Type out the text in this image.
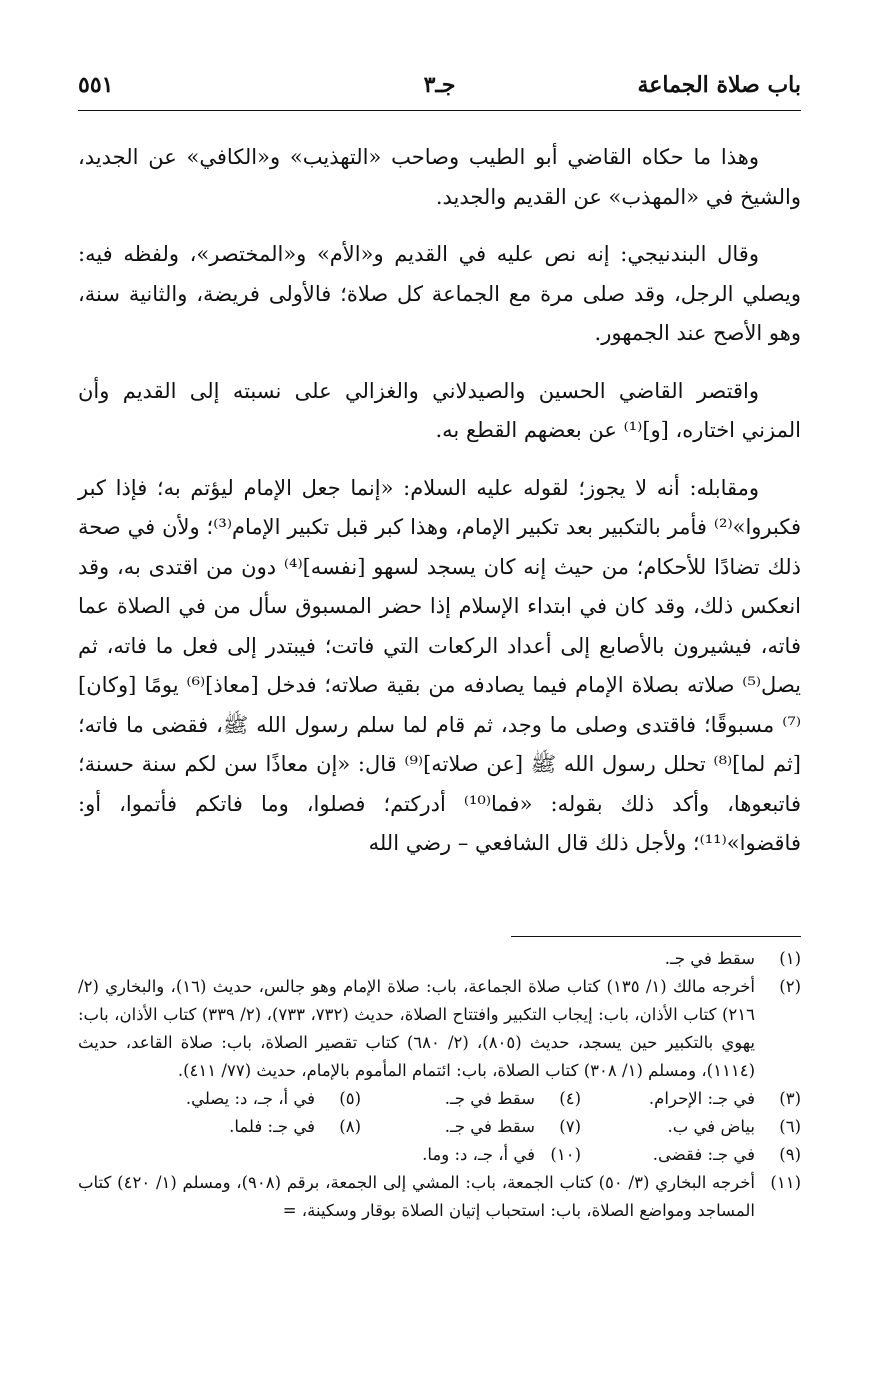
باب صلاة الجماعة
جـ٣
٥٥١

وهذا ما حكاه القاضي أبو الطيب وصاحب «التهذيب» و«الكافي» عن الجديد، والشيخ في «المهذب» عن القديم والجديد.

وقال البندنيجي: إنه نص عليه في القديم و«الأم» و«المختصر»، ولفظه فيه: ويصلي الرجل، وقد صلى مرة مع الجماعة كل صلاة؛ فالأولى فريضة، والثانية سنة، وهو الأصح عند الجمهور.

واقتصر القاضي الحسين والصيدلاني والغزالي على نسبته إلى القديم وأن المزني اختاره، [و]⁽¹⁾ عن بعضهم القطع به.

ومقابله: أنه لا يجوز؛ لقوله عليه السلام: «إنما جعل الإمام ليؤتم به؛ فإذا كبر فكبروا»⁽²⁾ فأمر بالتكبير بعد تكبير الإمام، وهذا كبر قبل تكبير الإمام⁽³⁾؛ ولأن في صحة ذلك تضادًا للأحكام؛ من حيث إنه كان يسجد لسهو [نفسه]⁽⁴⁾ دون من اقتدى به، وقد انعكس ذلك، وقد كان في ابتداء الإسلام إذا حضر المسبوق سأل من في الصلاة عما فاته، فيشيرون بالأصابع إلى أعداد الركعات التي فاتت؛ فيبتدر إلى فعل ما فاته، ثم يصل⁽⁵⁾ صلاته بصلاة الإمام فيما يصادفه من بقية صلاته؛ فدخل [معاذ]⁽⁶⁾ يومًا [وكان]⁽⁷⁾ مسبوقًا؛ فاقتدى وصلى ما وجد، ثم قام لما سلم رسول الله ﷺ، فقضى ما فاته؛ [ثم لما]⁽⁸⁾ تحلل رسول الله ﷺ [عن صلاته]⁽⁹⁾ قال: «إن معاذًا سن لكم سنة حسنة؛ فاتبعوها، وأكد ذلك بقوله: «فما⁽¹⁰⁾ أدركتم؛ فصلوا، وما فاتكم فأتموا، أو: فاقضوا»⁽¹¹⁾؛ ولأجل ذلك قال الشافعي – رضي الله

(١)
سقط في جـ.
(٢)
أخرجه مالك (١/ ١٣٥) كتاب صلاة الجماعة، باب: صلاة الإمام وهو جالس، حديث (١٦)، والبخاري (٢/ ٢١٦) كتاب الأذان، باب: إيجاب التكبير وافتتاح الصلاة، حديث (٧٣٢، ٧٣٣)، (٢/ ٣٣٩) كتاب الأذان، باب: يهوي بالتكبير حين يسجد، حديث (٨٠٥)، (٢/ ٦٨٠) كتاب تقصير الصلاة، باب: صلاة القاعد، حديث (١١١٤)، ومسلم (١/ ٣٠٨) كتاب الصلاة، باب: ائتمام المأموم بالإمام، حديث (٧٧/ ٤١١).
(٣)
في جـ: الإحرام.
(٤)
سقط في جـ.
(٥)
في أ، جـ، د: يصلي.
(٦)
بياض في ب.
(٧)
سقط في جـ.
(٨)
في جـ: فلما.
(٩)
في جـ: فقضى.
(١٠)
في أ، جـ، د: وما.
(١١)
أخرجه البخاري (٣/ ٥٠) كتاب الجمعة، باب: المشي إلى الجمعة، برقم (٩٠٨)، ومسلم (١/ ٤٢٠) كتاب المساجد ومواضع الصلاة، باب: استحباب إتيان الصلاة بوقار وسكينة، =
